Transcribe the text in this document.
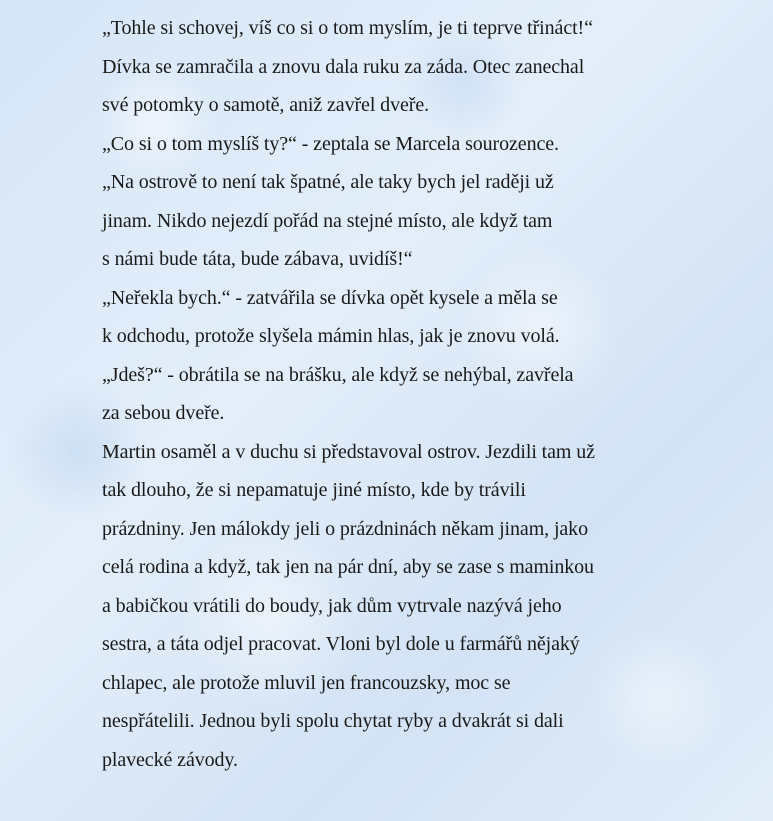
„Tohle si schovej, víš co si o tom myslím, je ti teprve třináct!“
Dívka se zamračila a znovu dala ruku za záda. Otec zanechal
své potomky o samotě, aniž zavřel dveře.
„Co si o tom myslíš ty?“ - zeptala se Marcela sourozence.
„Na ostrově to není tak špatné, ale taky bych jel raději už
jinam. Nikdo nejezdí pořád na stejné místo, ale když tam
s námi bude táta, bude zábava, uvidíš!“
„Neřekla bych.“ - zatvářila se dívka opět kysele a měla se
k odchodu, protože slyšela mámin hlas, jak je znovu volá.
„Jdeš?“ - obrátila se na brášku, ale když se nehýbal, zavřela
za sebou dveře.
Martin osaměl a v duchu si představoval ostrov. Jezdili tam už
tak dlouho, že si nepamatuje jiné místo, kde by trávili
prázdniny. Jen málokdy jeli o prázdninách někam jinam, jako
celá rodina a když, tak jen na pár dní, aby se zase s maminkou
a babičkou vrátili do boudy, jak dům vytrvale nazývá jeho
sestra, a táta odjel pracovat. Vloni byl dole u farmářů nějaký
chlapec, ale protože mluvil jen francouzsky, moc se
nespřátelili. Jednou byli spolu chytat ryby a dvakrát si dali
plavecké závody.
